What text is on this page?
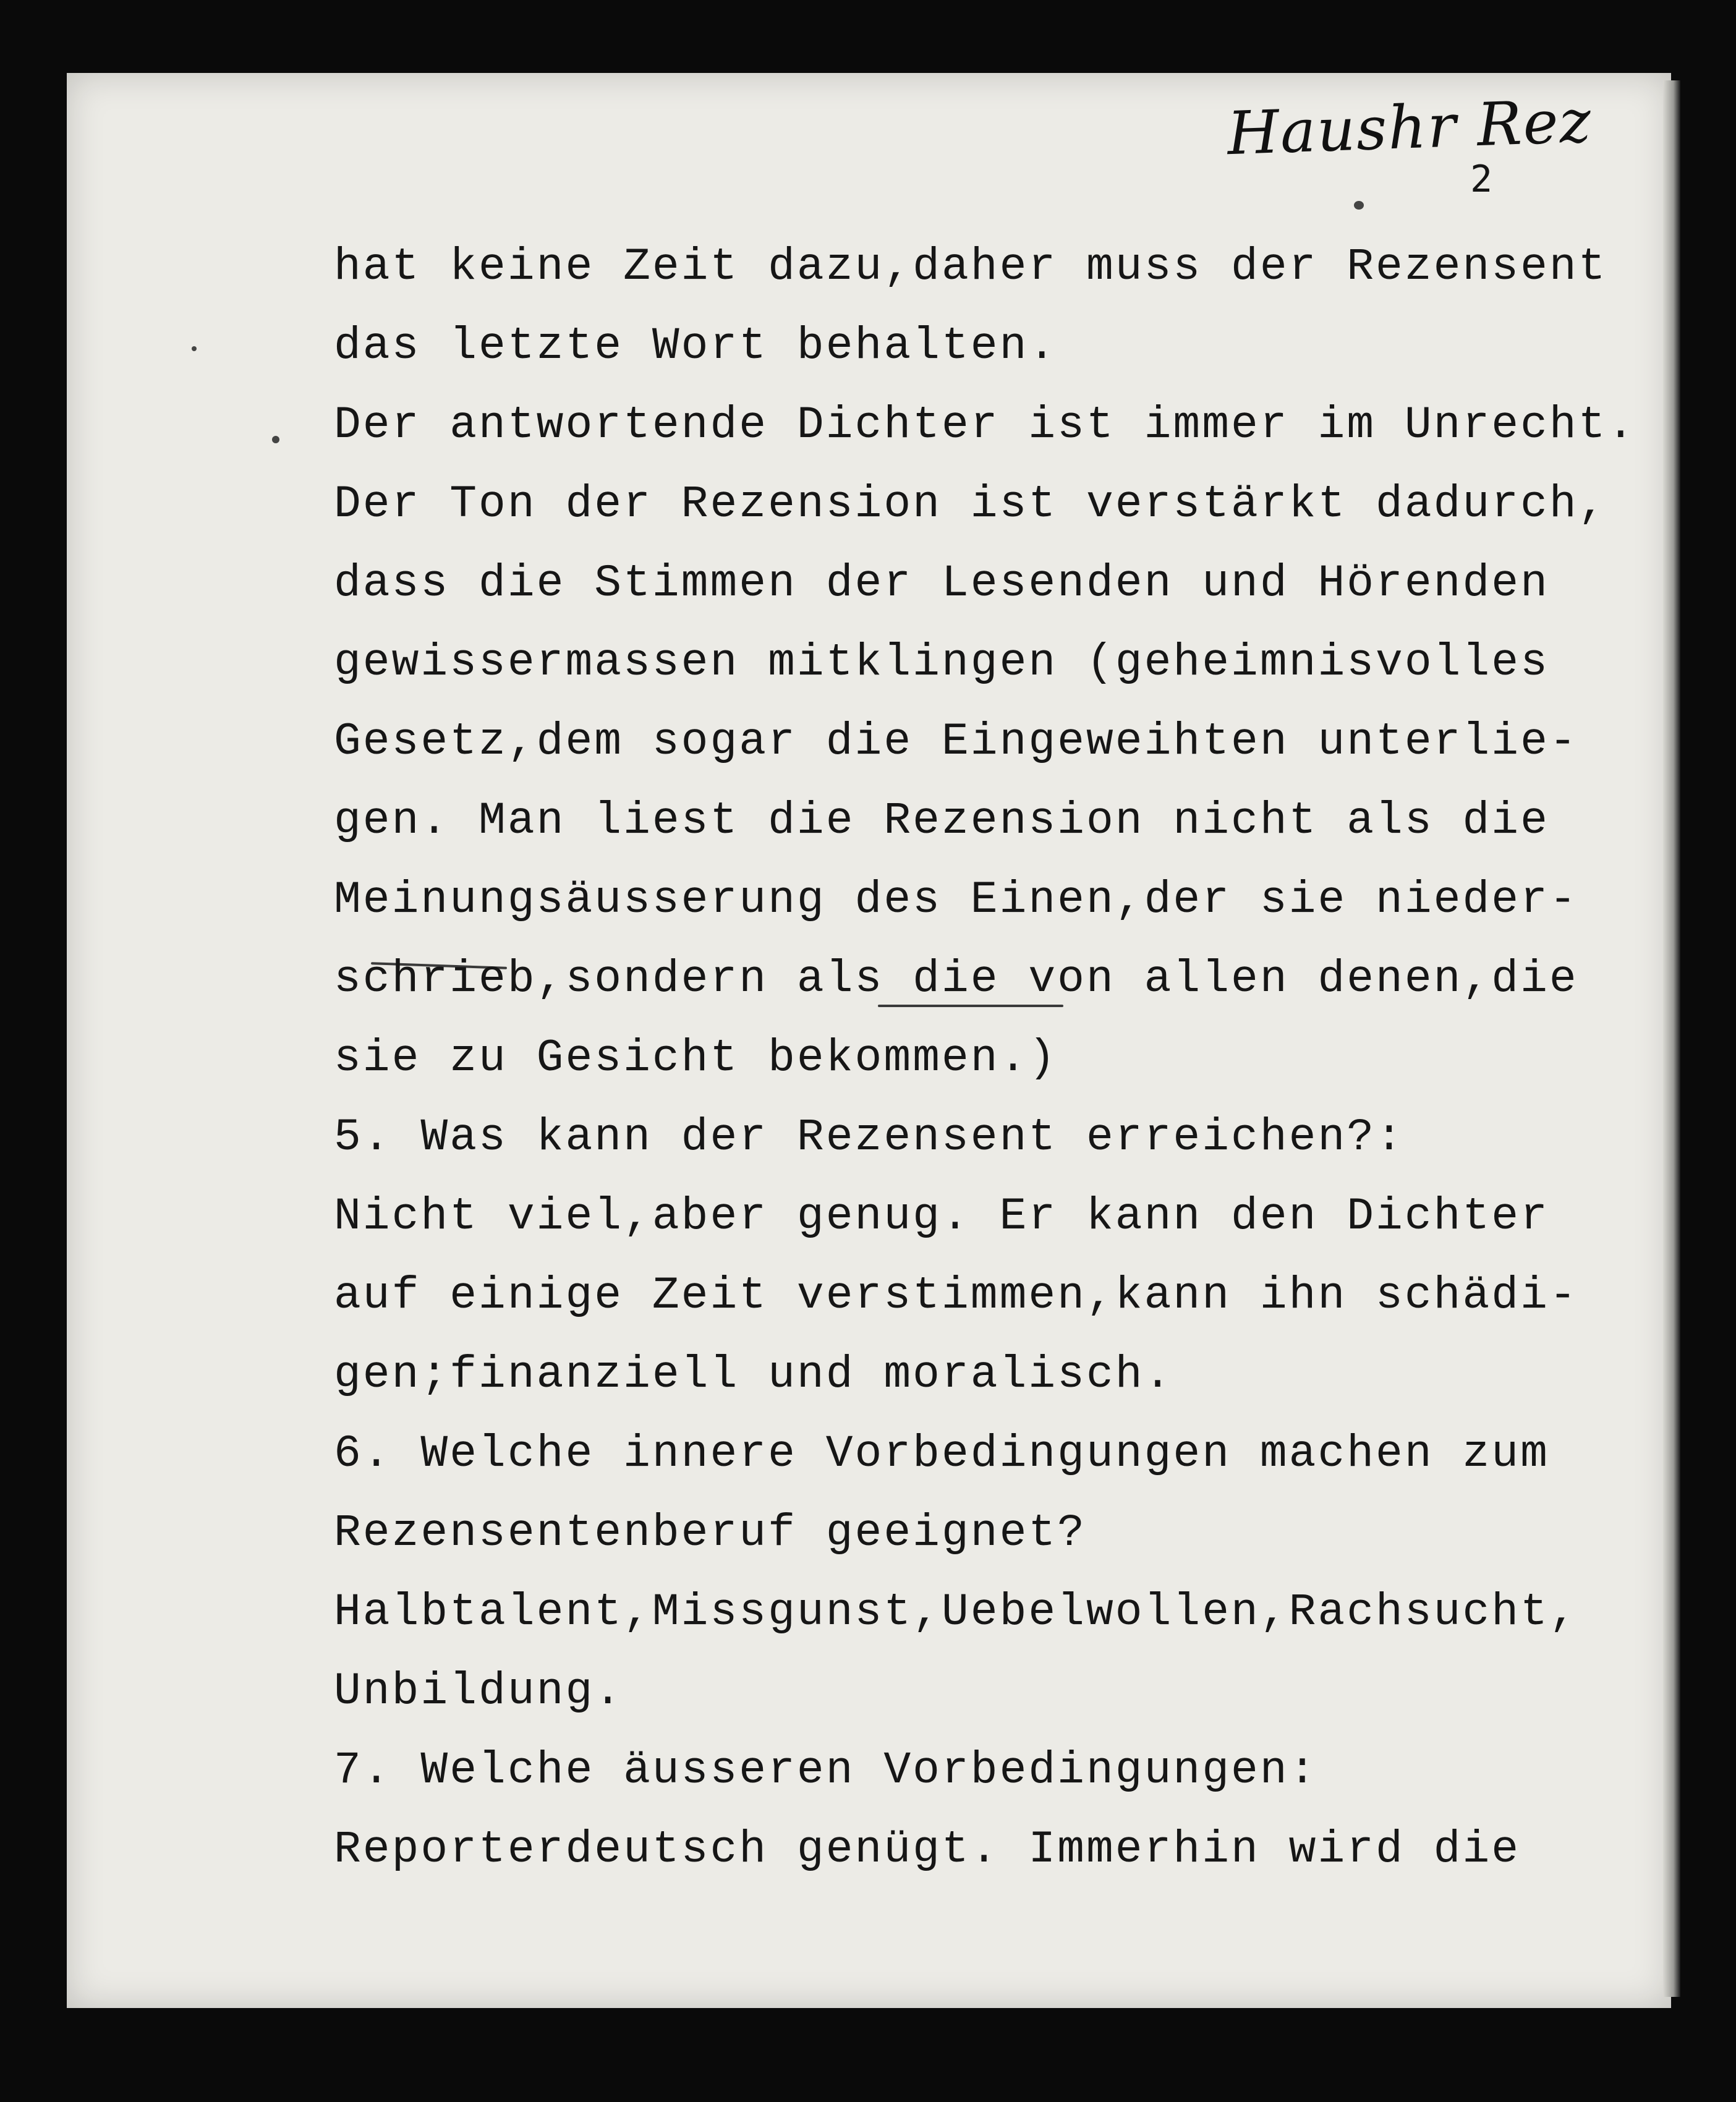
Haushr Rez
2
hat keine Zeit dazu,daher muss der Rezensent
das letzte Wort behalten.
Der antwortende Dichter ist immer im Unrecht.
Der Ton der Rezension ist verstärkt dadurch,
dass die Stimmen der Lesenden und Hörenden
gewissermassen mitklingen (geheimnisvolles
Gesetz,dem sogar die Eingeweihten unterlie-
gen. Man liest die Rezension nicht als die
Meinungsäusserung des Einen,der sie nieder-
schrieb,sondern als die von allen denen,die
sie zu Gesicht bekommen.)
5. Was kann der Rezensent erreichen?:
Nicht viel,aber genug. Er kann den Dichter
auf einige Zeit verstimmen,kann ihn schädi-
gen;finanziell und moralisch.
6. Welche innere Vorbedingungen machen zum
Rezensentenberuf geeignet?
Halbtalent,Missgunst,Uebelwollen,Rachsucht,
Unbildung.
7. Welche äusseren Vorbedingungen:
Reporterdeutsch genügt. Immerhin wird die
